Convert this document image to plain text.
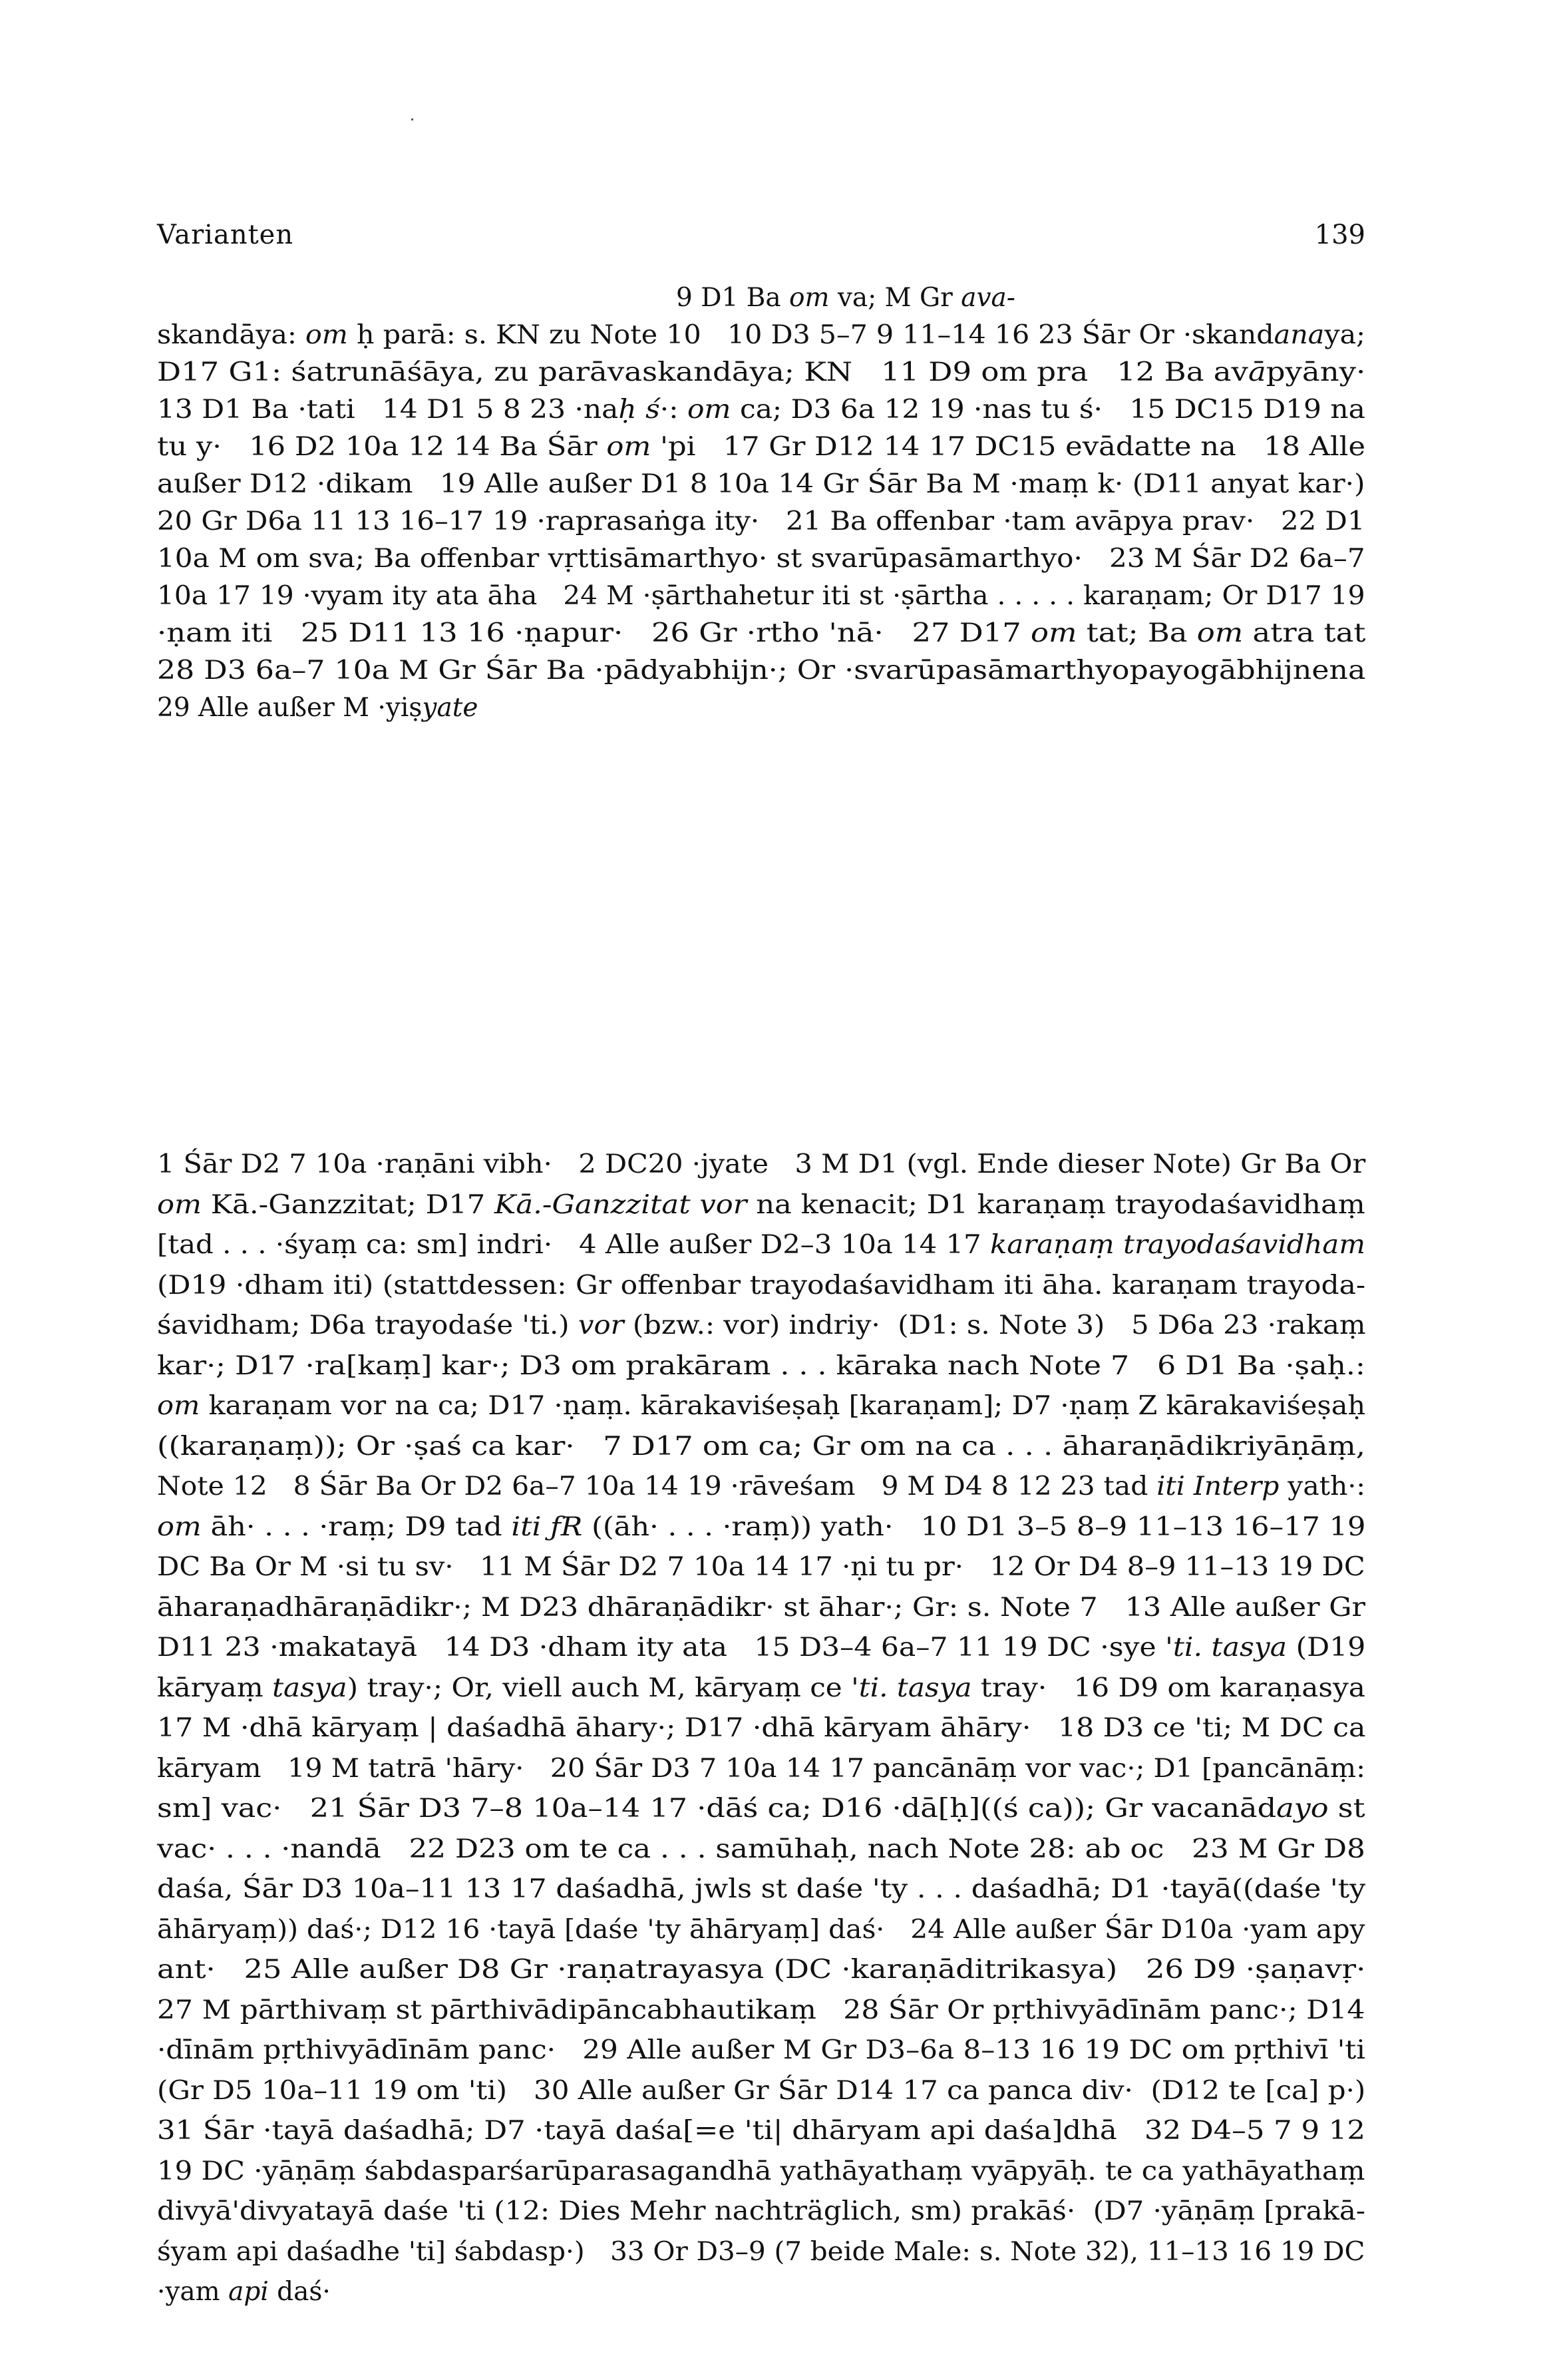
Varianten	139
9 D1 Ba om va; M Gr ava-
skandāya: om ḥ parā: s. KN zu Note 10   10 D3 5–7 9 11–14 16 23 Śār Or ·skandanaya;
D17 G1: śatrunāśāya, zu parāvaskandāya; KN   11 D9 om pra   12 Ba avāpyāny·
13 D1 Ba ·tati   14 D1 5 8 23 ·naḥ ś·: om ca; D3 6a 12 19 ·nas tu ś·   15 DC15 D19 na
tu y·   16 D2 10a 12 14 Ba Śār om 'pi   17 Gr D12 14 17 DC15 evādatte na   18 Alle
außer D12 ·dikam   19 Alle außer D1 8 10a 14 Gr Śār Ba M ·maṃ k· (D11 anyat kar·)
20 Gr D6a 11 13 16–17 19 ·raprasaṅga ity·   21 Ba offenbar ·tam avāpya prav·   22 D1
10a M om sva; Ba offenbar vṛttisāmarthyo· st svarūpasāmarthyo·   23 M Śār D2 6a–7
10a 17 19 ·vyam ity ata āha   24 M ·ṣārthahetur iti st ·ṣārtha . . . . . karaṇam; Or D17 19
·ṇam iti   25 D11 13 16 ·ṇapur·   26 Gr ·rtho 'nā·   27 D17 om tat; Ba om atra tat
28 D3 6a–7 10a M Gr Śār Ba ·pādyabhijn·; Or ·svarūpasāmarthyopayogābhijnena
29 Alle außer M ·yiṣyate
1 Śār D2 7 10a ·raṇāni vibh·   2 DC20 ·jyate   3 M D1 (vgl. Ende dieser Note) Gr Ba Or
om Kā.-Ganzzitat; D17 Kā.-Ganzzitat vor na kenacit; D1 karaṇaṃ trayodaśavidhaṃ
[tad . . . ·śyaṃ ca: sm] indri·   4 Alle außer D2–3 10a 14 17 karaṇaṃ trayodaśavidham
(D19 ·dham iti) (stattdessen: Gr offenbar trayodaśavidham iti āha. karaṇam trayoda-
śavidham; D6a trayodaśe 'ti.) vor (bzw.: vor) indriy·  (D1: s. Note 3)   5 D6a 23 ·rakaṃ
kar·; D17 ·ra[kaṃ] kar·; D3 om prakāram . . . kāraka nach Note 7   6 D1 Ba ·ṣaḥ.:
om karaṇam vor na ca; D17 ·ṇaṃ. kārakaviśeṣaḥ [karaṇam]; D7 ·ṇaṃ Z kārakaviśeṣaḥ
((karaṇaṃ)); Or ·ṣaś ca kar·   7 D17 om ca; Gr om na ca . . . āharaṇādikriyāṇāṃ,
Note 12   8 Śār Ba Or D2 6a–7 10a 14 19 ·rāveśam   9 M D4 8 12 23 tad iti Interp yath·:
om āh· . . . ·raṃ; D9 tad iti ƒR ((āh· . . . ·raṃ)) yath·   10 D1 3–5 8–9 11–13 16–17 19
DC Ba Or M ·si tu sv·   11 M Śār D2 7 10a 14 17 ·ṇi tu pr·   12 Or D4 8–9 11–13 19 DC
āharaṇadhāraṇādikr·; M D23 dhāraṇādikr· st āhar·; Gr: s. Note 7   13 Alle außer Gr
D11 23 ·makatayā   14 D3 ·dham ity ata   15 D3–4 6a–7 11 19 DC ·sye 'ti. tasya (D19
kāryaṃ tasya) tray·; Or, viell auch M, kāryaṃ ce 'ti. tasya tray·   16 D9 om karaṇasya
17 M ·dhā kāryaṃ | daśadhā āhary·; D17 ·dhā kāryam āhāry·   18 D3 ce 'ti; M DC ca
kāryam   19 M tatrā 'hāry·   20 Śār D3 7 10a 14 17 pancānāṃ vor vac·; D1 [pancānāṃ:
sm] vac·   21 Śār D3 7–8 10a–14 17 ·dāś ca; D16 ·dā[ḥ]((ś ca)); Gr vacanādayo st
vac· . . . ·nandā   22 D23 om te ca . . . samūhaḥ, nach Note 28: ab oc   23 M Gr D8
daśa, Śār D3 10a–11 13 17 daśadhā, jwls st daśe 'ty . . . daśadhā; D1 ·tayā((daśe 'ty
āhāryaṃ)) daś·; D12 16 ·tayā [daśe 'ty āhāryaṃ] daś·   24 Alle außer Śār D10a ·yam apy
ant·   25 Alle außer D8 Gr ·raṇatrayasya (DC ·karaṇāditrikasya)   26 D9 ·ṣaṇavṛ·
27 M pārthivaṃ st pārthivādipāncabhautikaṃ   28 Śār Or pṛthivyādīnām panc·; D14
·dīnām pṛthivyādīnām panc·   29 Alle außer M Gr D3–6a 8–13 16 19 DC om pṛthivī 'ti
(Gr D5 10a–11 19 om 'ti)   30 Alle außer Gr Śār D14 17 ca panca div·  (D12 te [ca] p·)
31 Śār ·tayā daśadhā; D7 ·tayā daśa[=e 'ti| dhāryam api daśa]dhā   32 D4–5 7 9 12
19 DC ·yāṇāṃ śabdasparśarūparasagandhā yathāyathaṃ vyāpyāḥ. te ca yathāyathaṃ
divyā'divyatayā daśe 'ti (12: Dies Mehr nachträglich, sm) prakāś·  (D7 ·yāṇāṃ [prakā-
śyam api daśadhe 'ti] śabdasp·)   33 Or D3–9 (7 beide Male: s. Note 32), 11–13 16 19 DC
·yam api daś·
